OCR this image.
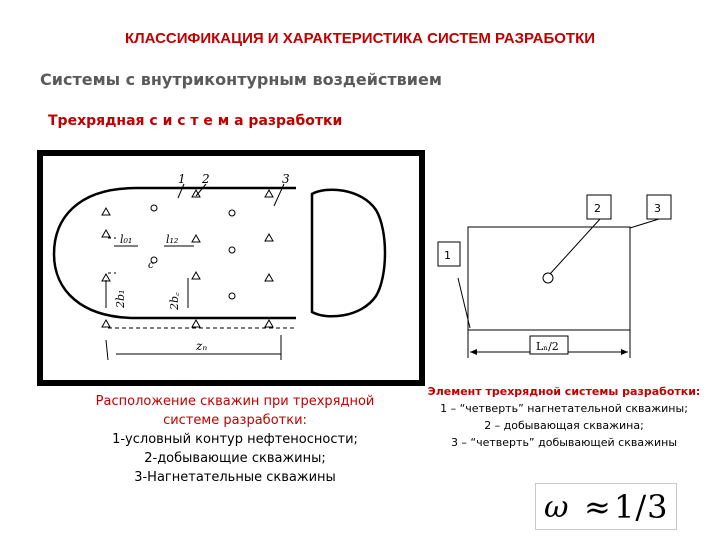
КЛАССИФИКАЦИЯ И ХАРАКТЕРИСТИКА СИСТЕМ РАЗРАБОТКИ
Системы с внутриконтурным воздействием
Трехрядная с и с т е м а разработки
1 2	3
l₀₁	l₁₂
c
2b₁	2b꜀
zₙ
Расположение скважин при трехрядной системе разработки:
1-условный контур нефтеносности;
2-добывающие скважины;
3-Нагнетательные скважины
2	3
1
Lₙ/2
Элемент трехрядной системы разработки:
1 – “четверть” нагнетательной скважины;
2 – добывающая скважина;
3 – “четверть” добывающей скважины
ω ≈ 1/3
